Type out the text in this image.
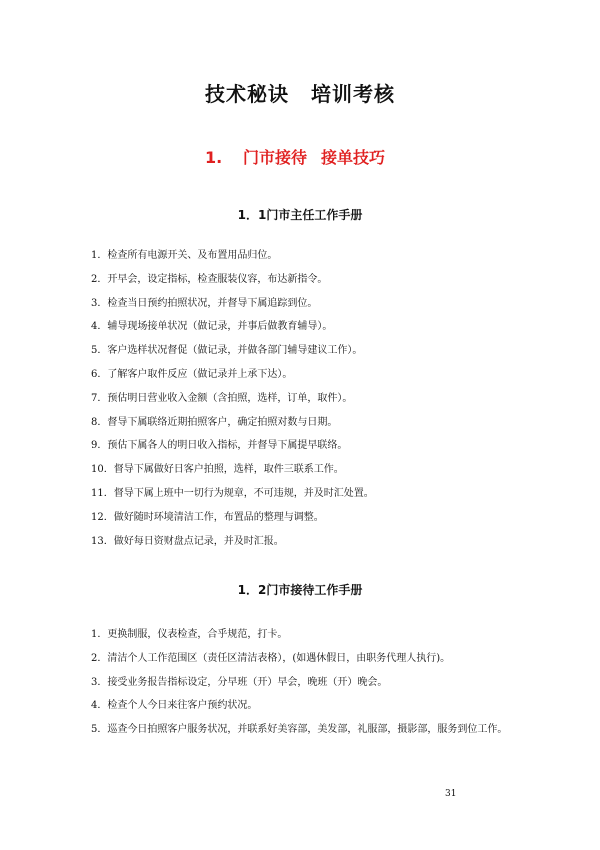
技术秘诀 培训考核
1. 门市接待 接单技巧
1．1门市主任工作手册
1．检查所有电源开关、及布置用品归位。
2．开早会，设定指标，检查服装仪容，布达新指令。
3．检查当日预约拍照状况，并督导下属追踪到位。
4．辅导现场接单状况（做记录，并事后做教育辅导）。
5．客户选样状况督促（做记录，并做各部门辅导建议工作）。
6．了解客户取件反应（做记录并上承下达）。
7．预估明日营业收入金额（含拍照，选样，订单，取件）。
8．督导下属联络近期拍照客户，确定拍照对数与日期。
9．预估下属各人的明日收入指标，并督导下属提早联络。
10．督导下属做好日客户拍照，选样，取件三联系工作。
11．督导下属上班中一切行为规章，不可违规，并及时汇处置。
12．做好随时环境清洁工作，布置品的整理与调整。
13．做好每日资财盘点记录，并及时汇报。
1．2门市接待工作手册
1．更换制服，仪表检查，合乎规范，打卡。
2．清洁个人工作范围区（责任区清洁表格），(如遇休假日，由职务代理人执行)。
3．接受业务报告指标设定，分早班（开）早会，晚班（开）晚会。
4．检查个人今日来往客户预约状况。
5．巡查今日拍照客户服务状况，并联系好美容部，美发部，礼服部，摄影部，服务到位工作。

31
